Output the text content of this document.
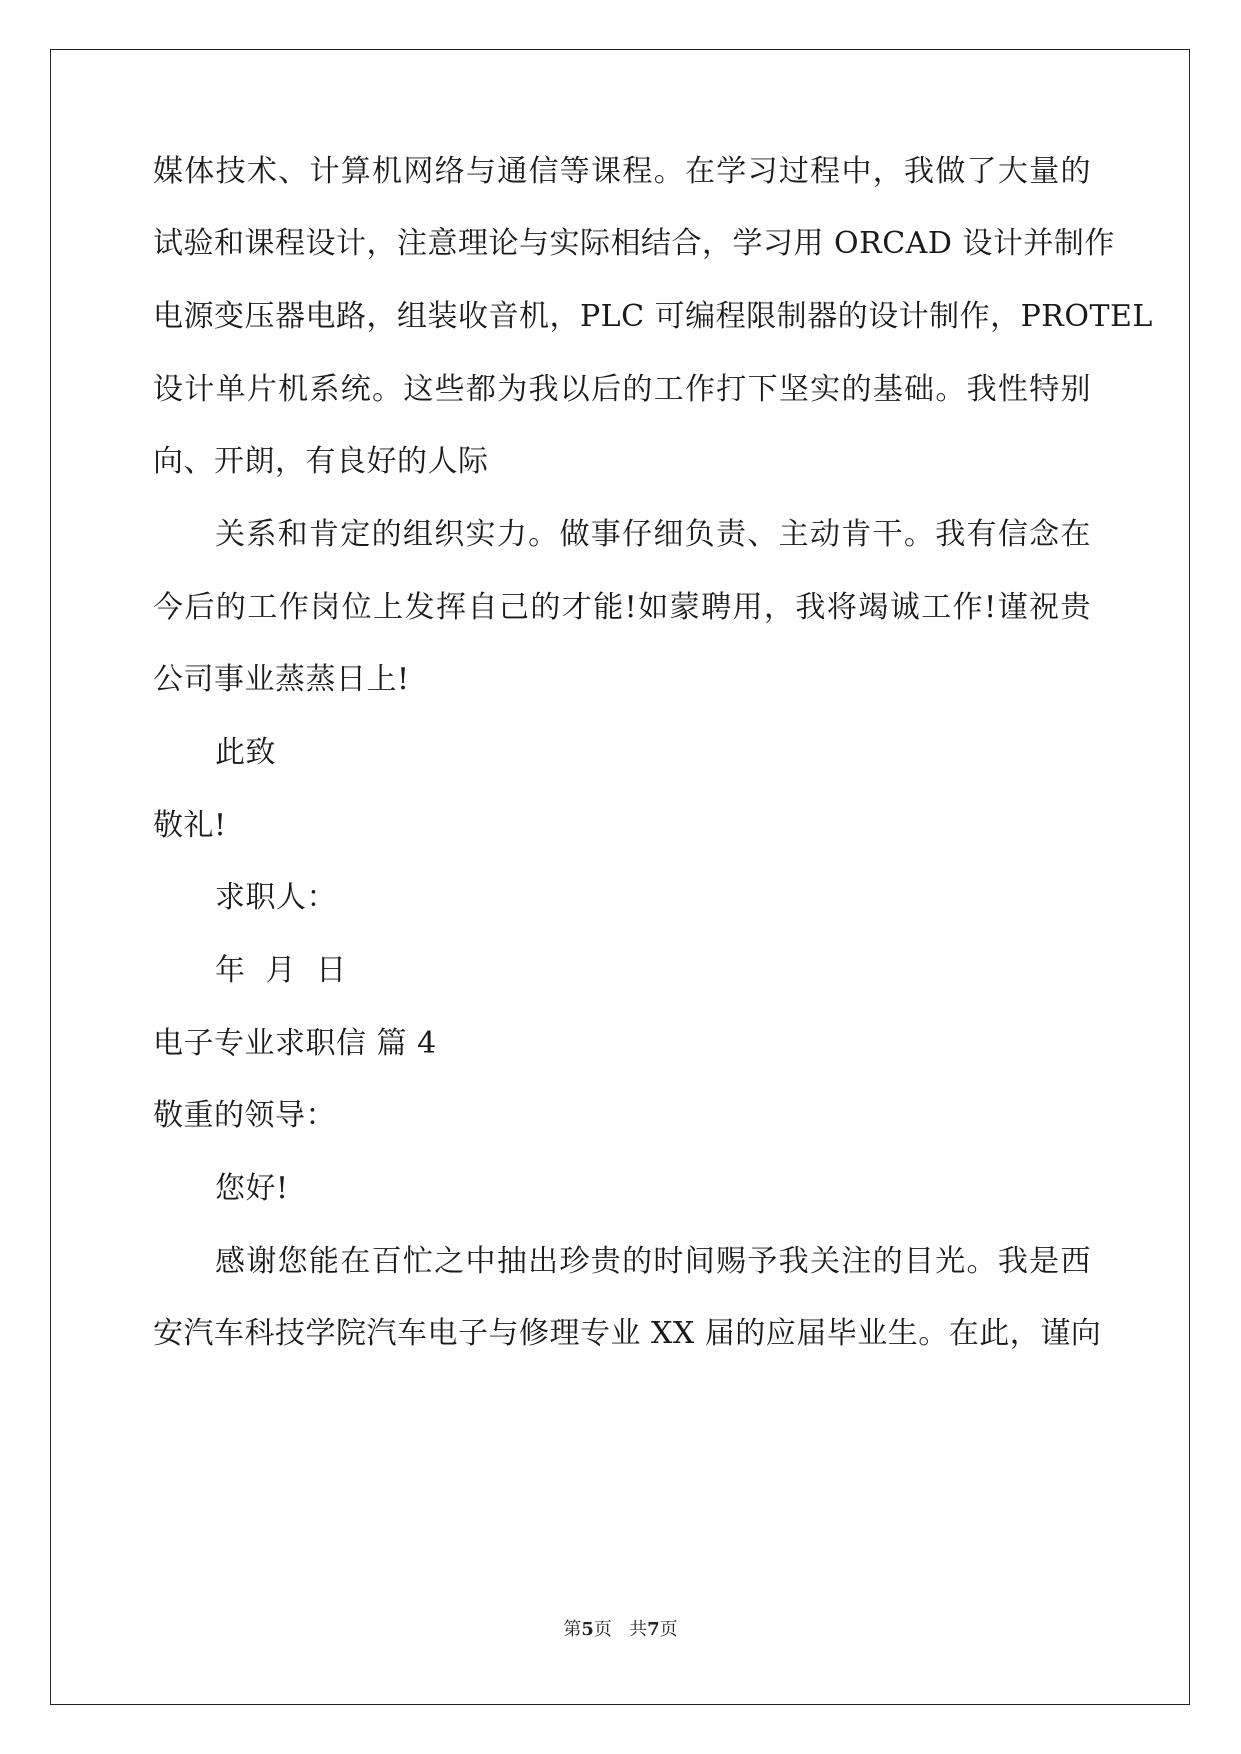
媒体技术、计算机网络与通信等课程。在学习过程中，我做了大量的
试验和课程设计，注意理论与实际相结合，学习用 ORCAD 设计并制作
电源变压器电路，组装收音机，PLC 可编程限制器的设计制作，PROTEL
设计单片机系统。这些都为我以后的工作打下坚实的基础。我性特别
向、开朗，有良好的人际
关系和肯定的组织实力。做事仔细负责、主动肯干。我有信念在
今后的工作岗位上发挥自己的才能!如蒙聘用，我将竭诚工作!谨祝贵
公司事业蒸蒸日上!
此致
敬礼!
求职人：
年  月  日
电子专业求职信 篇 4
敬重的领导：
您好!
感谢您能在百忙之中抽出珍贵的时间赐予我关注的目光。我是西
安汽车科技学院汽车电子与修理专业 XX 届的应届毕业生。在此，谨向
第5页   共7页
